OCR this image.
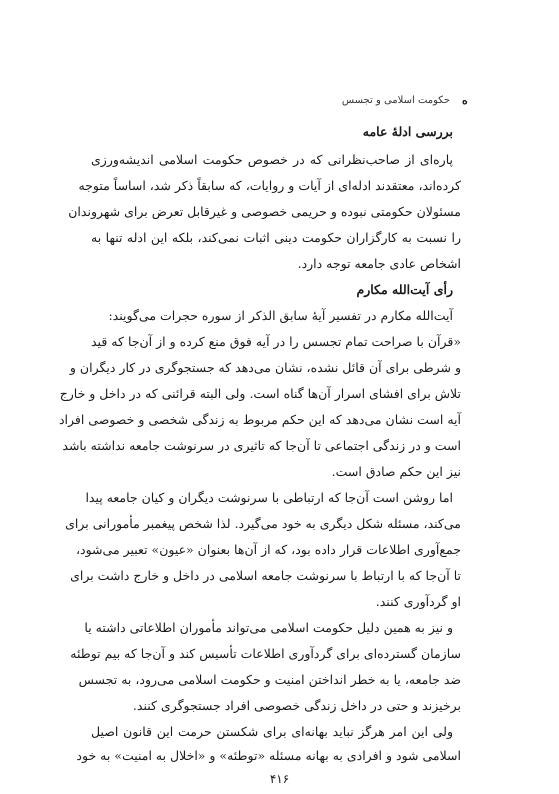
حکومت اسلامی و تجسس ه
بررسی ادلهٔ عامه
پاره‌ای از صاحب‌نظرانی که در خصوص حکومت اسلامی اندیشه‌ورزی
کرده‌اند، معتقدند ادله‌ای از آیات و روایات، که سابقاً ذکر شد، اساساً متوجه
مسئولان حکومتی نبوده و حریمی خصوصی و غیرقابل تعرض برای شهروندان
را نسبت به کارگزاران حکومت دینی اثبات نمی‌کند، بلکه این ادله تنها به
اشخاص عادی جامعه توجه دارد.
رأی آیت‌الله مکارم
آیت‌الله مکارم در تفسیر آیهٔ سابق الذکر از سوره حجرات می‌گویند:
«قرآن با صراحت تمام تجسس را در آیه فوق منع کرده و از آن‌جا که قید
و شرطی برای آن قائل نشده، نشان می‌دهد که جستجوگری در کار دیگران و
تلاش برای افشای اسرار آن‌ها گناه است. ولی البته قرائنی که در داخل و خارج
آیه است نشان می‌دهد که این حکم مربوط به زندگی شخصی و خصوصی افراد
است و در زندگی اجتماعی تا آن‌جا که تاثیری در سرنوشت جامعه نداشته باشد
نیز این حکم صادق است.
اما روشن است آن‌جا که ارتباطی با سرنوشت دیگران و کیان جامعه پیدا
می‌کند، مسئله شکل دیگری به خود می‌گیرد. لذا شخص پیغمبر مأمورانی برای
جمع‌آوری اطلاعات قرار داده بود، که از آن‌ها بعنوان «عیون» تعبیر می‌شود،
تا آن‌جا که با ارتباط با سرنوشت جامعه اسلامی در داخل و خارج داشت برای
او گردآوری کنند.
و نیز به همین دلیل حکومت اسلامی می‌تواند مأموران اطلاعاتی داشته یا
سازمان گسترده‌ای برای گردآوری اطلاعات تأسیس کند و آن‌جا که بیم توطئه
ضد جامعه، یا به خطر انداختن امنیت و حکومت اسلامی می‌رود، به تجسس
برخیزند و حتی در داخل زندگی خصوصی افراد جستجوگری کنند.
ولی این امر هرگز نباید بهانه‌ای برای شکستن حرمت این قانون اصیل
اسلامی شود و افرادی به بهانه مسئله «توطئه» و «اخلال به امنیت» به خود
۴۱۶
